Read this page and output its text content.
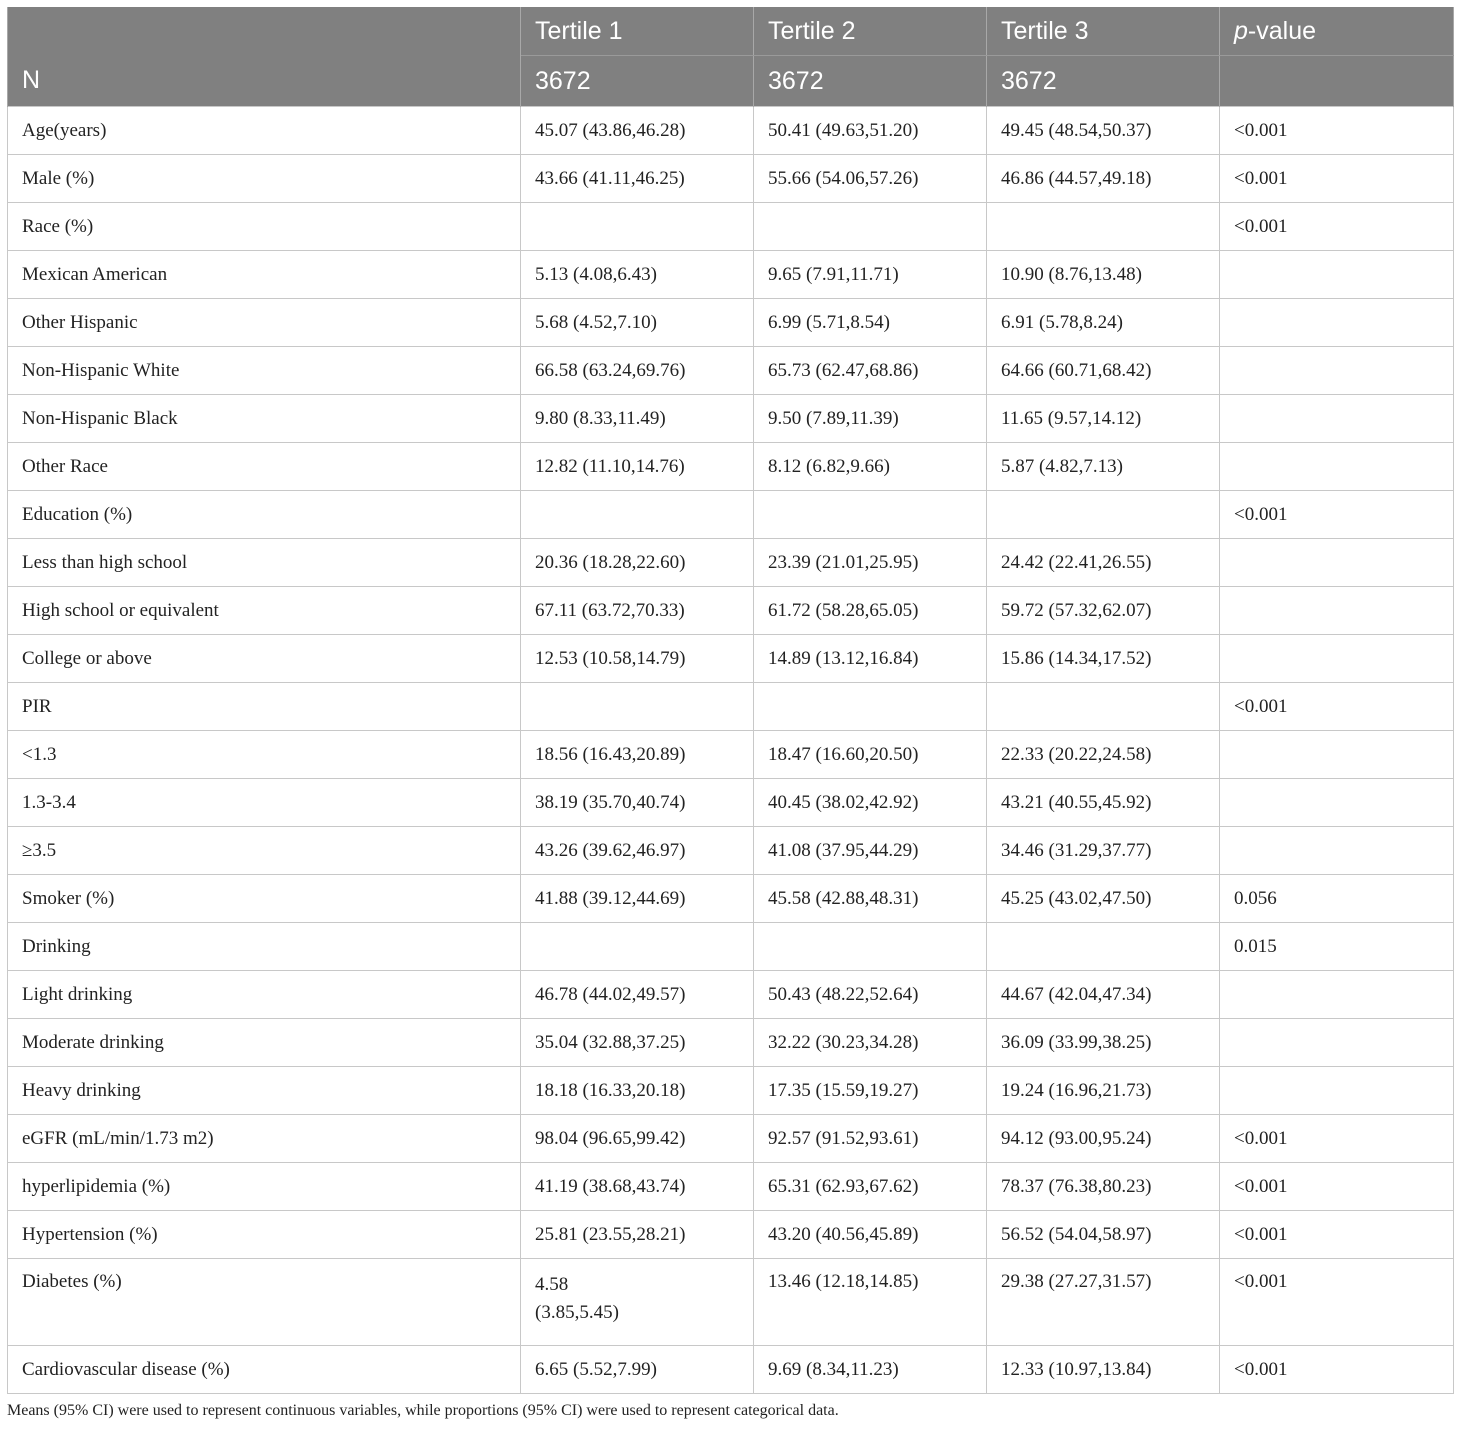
	Tertile 1	Tertile 2	Tertile 3	p-value
N	3672	3672	3672	
Age(years)	45.07 (43.86,46.28)	50.41 (49.63,51.20)	49.45 (48.54,50.37)	<0.001
Male (%)	43.66 (41.11,46.25)	55.66 (54.06,57.26)	46.86 (44.57,49.18)	<0.001
Race (%)				<0.001
Mexican American	5.13 (4.08,6.43)	9.65 (7.91,11.71)	10.90 (8.76,13.48)	
Other Hispanic	5.68 (4.52,7.10)	6.99 (5.71,8.54)	6.91 (5.78,8.24)	
Non-Hispanic White	66.58 (63.24,69.76)	65.73 (62.47,68.86)	64.66 (60.71,68.42)	
Non-Hispanic Black	9.80 (8.33,11.49)	9.50 (7.89,11.39)	11.65 (9.57,14.12)	
Other Race	12.82 (11.10,14.76)	8.12 (6.82,9.66)	5.87 (4.82,7.13)	
Education (%)				<0.001
Less than high school	20.36 (18.28,22.60)	23.39 (21.01,25.95)	24.42 (22.41,26.55)	
High school or equivalent	67.11 (63.72,70.33)	61.72 (58.28,65.05)	59.72 (57.32,62.07)	
College or above	12.53 (10.58,14.79)	14.89 (13.12,16.84)	15.86 (14.34,17.52)	
PIR				<0.001
<1.3	18.56 (16.43,20.89)	18.47 (16.60,20.50)	22.33 (20.22,24.58)	
1.3-3.4	38.19 (35.70,40.74)	40.45 (38.02,42.92)	43.21 (40.55,45.92)	
≥3.5	43.26 (39.62,46.97)	41.08 (37.95,44.29)	34.46 (31.29,37.77)	
Smoker (%)	41.88 (39.12,44.69)	45.58 (42.88,48.31)	45.25 (43.02,47.50)	0.056
Drinking				0.015
Light drinking	46.78 (44.02,49.57)	50.43 (48.22,52.64)	44.67 (42.04,47.34)	
Moderate drinking	35.04 (32.88,37.25)	32.22 (30.23,34.28)	36.09 (33.99,38.25)	
Heavy drinking	18.18 (16.33,20.18)	17.35 (15.59,19.27)	19.24 (16.96,21.73)	
eGFR (mL/min/1.73 m2)	98.04 (96.65,99.42)	92.57 (91.52,93.61)	94.12 (93.00,95.24)	<0.001
hyperlipidemia (%)	41.19 (38.68,43.74)	65.31 (62.93,67.62)	78.37 (76.38,80.23)	<0.001
Hypertension (%)	25.81 (23.55,28.21)	43.20 (40.56,45.89)	56.52 (54.04,58.97)	<0.001
Diabetes (%)	4.58
(3.85,5.45)	13.46 (12.18,14.85)	29.38 (27.27,31.57)	<0.001
Cardiovascular disease (%)	6.65 (5.52,7.99)	9.69 (8.34,11.23)	12.33 (10.97,13.84)	<0.001
Means (95% CI) were used to represent continuous variables, while proportions (95% CI) were used to represent categorical data.
